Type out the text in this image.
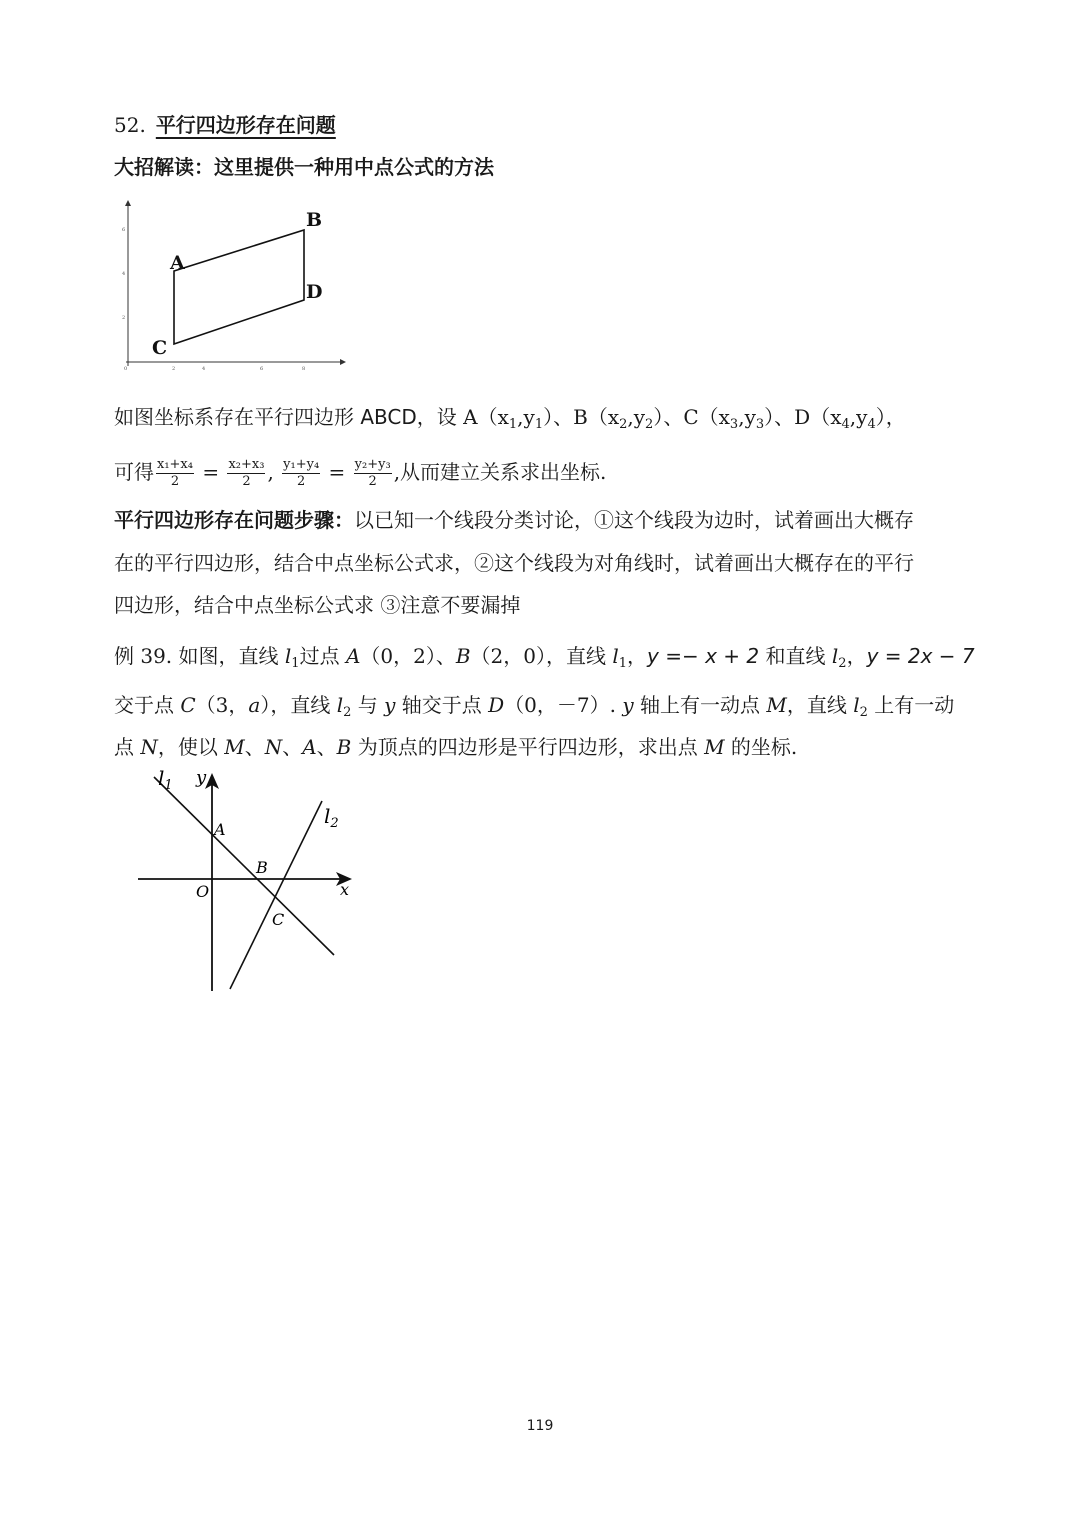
52. 平行四边形存在问题
大招解读：这里提供一种用中点公式的方法
0	2	4	6	8
2
4
6
A
B
C
D
如图坐标系存在平行四边形 ABCD，设 $A(x_1,y_1)$、$B(x_2,y_2)$、$C(x_3,y_3)$、$D(x_4,y_4)$，
可得 $\frac{\text{x₁+x₄}}{2} = \frac{\text{x₂+x₃}}{2}$ , $\frac{\text{y₁+y₄}}{2} = \frac{\text{y₂+y₃}}{2}$ ,从而建立关系求出坐标.
平行四边形存在问题步骤：以已知一个线段分类讨论，①这个线段为边时，试着画出大概存
在的平行四边形，结合中点坐标公式求，②这个线段为对角线时，试着画出大概存在的平行
四边形，结合中点坐标公式求 ③注意不要漏掉
例 39. 如图，直线 $l_1$过点 A（0，2）、B（2，0），直线 $l_1$，y =− x + 2 和直线 $l_2$，y = 2x − 7
交于点 C（3，a），直线 $l_2$ 与 y 轴交于点 D（0，－7）. y 轴上有一动点 M，直线 $l_2$ 上有一动
点 N，使以 M、N、A、B 为顶点的四边形是平行四边形，求出点 M 的坐标.
$l_1$ y
$l_2$
A
B
O	x
C
119
